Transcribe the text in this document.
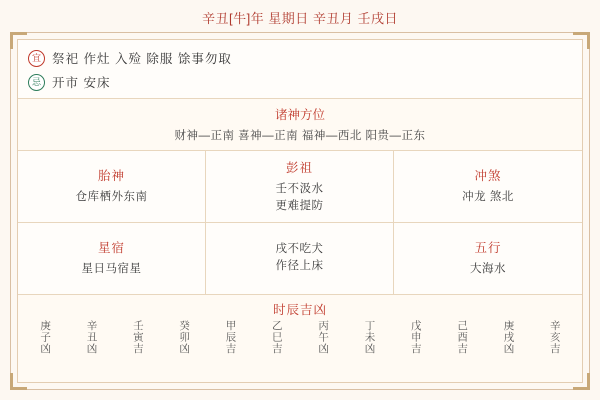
辛丑[牛]年 星期日 辛丑月 壬戌日
宜 祭祀 作灶 入殓 除服 馀事勿取
忌 开市 安床
诸神方位
财神—正南 喜神—正南 福神—西北 阳贵—正东
胎神
仓库栖外东南
彭祖
壬不汲水
更难提防
冲煞
冲龙 煞北
星宿
星日马宿星
戌不吃犬
作径上床
五行
大海水
时辰吉凶
庚子凶	辛丑凶	壬寅吉	癸卯凶	甲辰吉	乙巳吉	丙午凶	丁未凶	戊申吉	己酉吉	庚戌凶	辛亥吉
